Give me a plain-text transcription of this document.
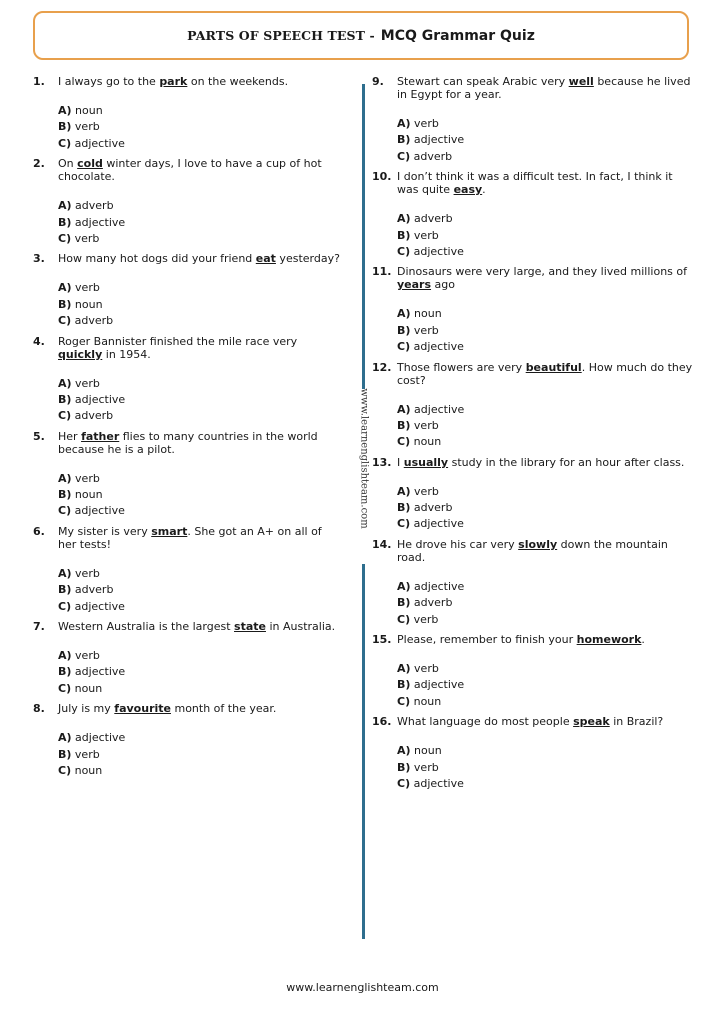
PARTS OF SPEECH TEST - MCQ Grammar Quiz
www.learnenglishteam.com
1. I always go to the park on the weekends.
A) noun
B) verb
C) adjective
2. On cold winter days, I love to have a cup of hot chocolate.
A) adverb
B) adjective
C) verb
3. How many hot dogs did your friend eat yesterday?
A) verb
B) noun
C) adverb
4. Roger Bannister finished the mile race very quickly in 1954.
A) verb
B) adjective
C) adverb
5. Her father flies to many countries in the world because he is a pilot.
A) verb
B) noun
C) adjective
6. My sister is very smart. She got an A+ on all of her tests!
A) verb
B) adverb
C) adjective
7. Western Australia is the largest state in Australia.
A) verb
B) adjective
C) noun
8. July is my favourite month of the year.
A) adjective
B) verb
C) noun
9. Stewart can speak Arabic very well because he lived in Egypt for a year.
A) verb
B) adjective
C) adverb
10. I don’t think it was a difficult test. In fact, I think it was quite easy.
A) adverb
B) verb
C) adjective
11. Dinosaurs were very large, and they lived millions of years ago
A) noun
B) verb
C) adjective
12. Those flowers are very beautiful. How much do they cost?
A) adjective
B) verb
C) noun
13. I usually study in the library for an hour after class.
A) verb
B) adverb
C) adjective
14. He drove his car very slowly down the mountain road.
A) adjective
B) adverb
C) verb
15. Please, remember to finish your homework.
A) verb
B) adjective
C) noun
16. What language do most people speak in Brazil?
A) noun
B) verb
C) adjective
www.learnenglishteam.com
